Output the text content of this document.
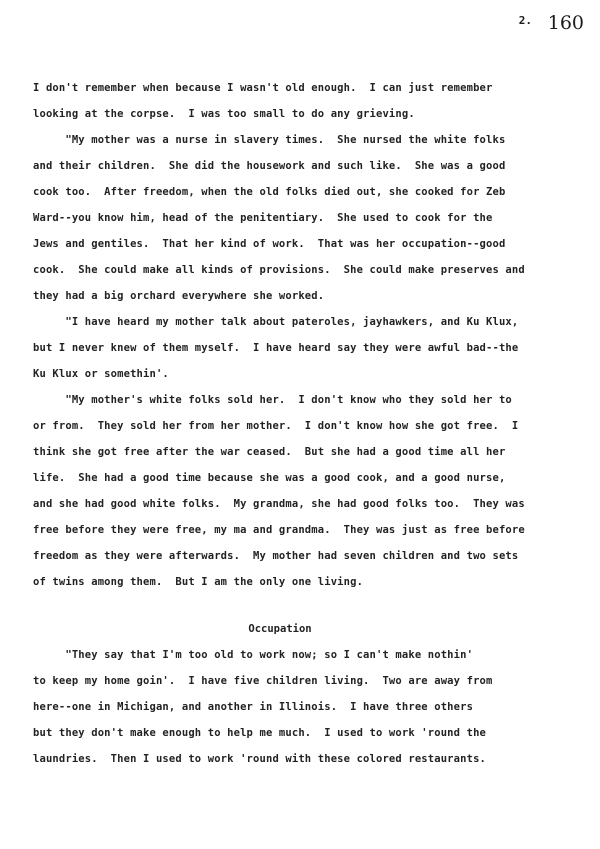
2. 160
I don't remember when because I wasn't old enough.  I can just remember
looking at the corpse.  I was too small to do any grieving.
"My mother was a nurse in slavery times.  She nursed the white folks
and their children.  She did the housework and such like.  She was a good
cook too.  After freedom, when the old folks died out, she cooked for Zeb
Ward--you know him, head of the penitentiary.  She used to cook for the
Jews and gentiles.  That her kind of work.  That was her occupation--good
cook.  She could make all kinds of provisions.  She could make preserves and
they had a big orchard everywhere she worked.
"I have heard my mother talk about pateroles, jayhawkers, and Ku Klux,
but I never knew of them myself.  I have heard say they were awful bad--the
Ku Klux or somethin'.
"My mother's white folks sold her.  I don't know who they sold her to
or from.  They sold her from her mother.  I don't know how she got free.  I
think she got free after the war ceased.  But she had a good time all her
life.  She had a good time because she was a good cook, and a good nurse,
and she had good white folks.  My grandma, she had good folks too.  They was
free before they were free, my ma and grandma.  They was just as free before
freedom as they were afterwards.  My mother had seven children and two sets
of twins among them.  But I am the only one living.
Occupation
"They say that I'm too old to work now; so I can't make nothin'
to keep my home goin'.  I have five children living.  Two are away from
here--one in Michigan, and another in Illinois.  I have three others
but they don't make enough to help me much.  I used to work 'round the
laundries.  Then I used to work 'round with these colored restaurants.
